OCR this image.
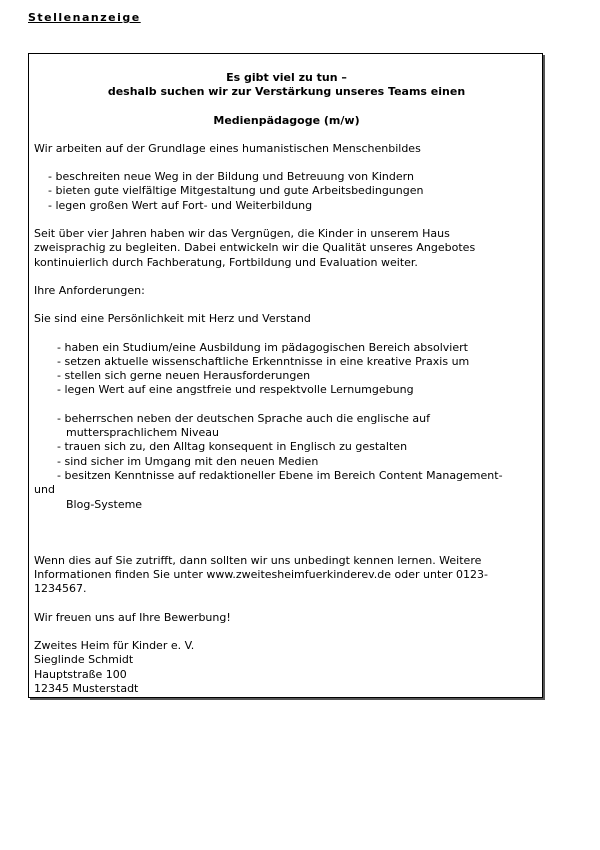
Stellenanzeige
Es gibt viel zu tun –
deshalb suchen wir zur Verstärkung unseres Teams einen
Medienpädagoge (m/w)

Wir arbeiten auf der Grundlage eines humanistischen Menschenbildes

- beschreiten neue Weg in der Bildung und Betreuung von Kindern
- bieten gute vielfältige Mitgestaltung und gute Arbeitsbedingungen
- legen großen Wert auf Fort- und Weiterbildung
Seit über vier Jahren haben wir das Vergnügen, die Kinder in unserem Haus
zweisprachig zu begleiten. Dabei entwickeln wir die Qualität unseres Angebotes
kontinuierlich durch Fachberatung, Fortbildung und Evaluation weiter.

Ihre Anforderungen:

Sie sind eine Persönlichkeit mit Herz und Verstand

- haben ein Studium/eine Ausbildung im pädagogischen Bereich absolviert
- setzen aktuelle wissenschaftliche Erkenntnisse in eine kreative Praxis um
- stellen sich gerne neuen Herausforderungen
- legen Wert auf eine angstfreie und respektvolle Lernumgebung
- beherrschen neben der deutschen Sprache auch die englische auf
muttersprachlichem Niveau
- trauen sich zu, den Alltag konsequent in Englisch zu gestalten
- sind sicher im Umgang mit den neuen Medien
- besitzen Kenntnisse auf redaktioneller Ebene im Bereich Content Management-
und
Blog-Systeme
Wenn dies auf Sie zutrifft, dann sollten wir uns unbedingt kennen lernen. Weitere
Informationen finden Sie unter www.zweitesheimfuerkinderev.de oder unter 0123-
1234567.

Wir freuen uns auf Ihre Bewerbung!

Zweites Heim für Kinder e. V.
Sieglinde Schmidt
Hauptstraße 100
12345 Musterstadt
